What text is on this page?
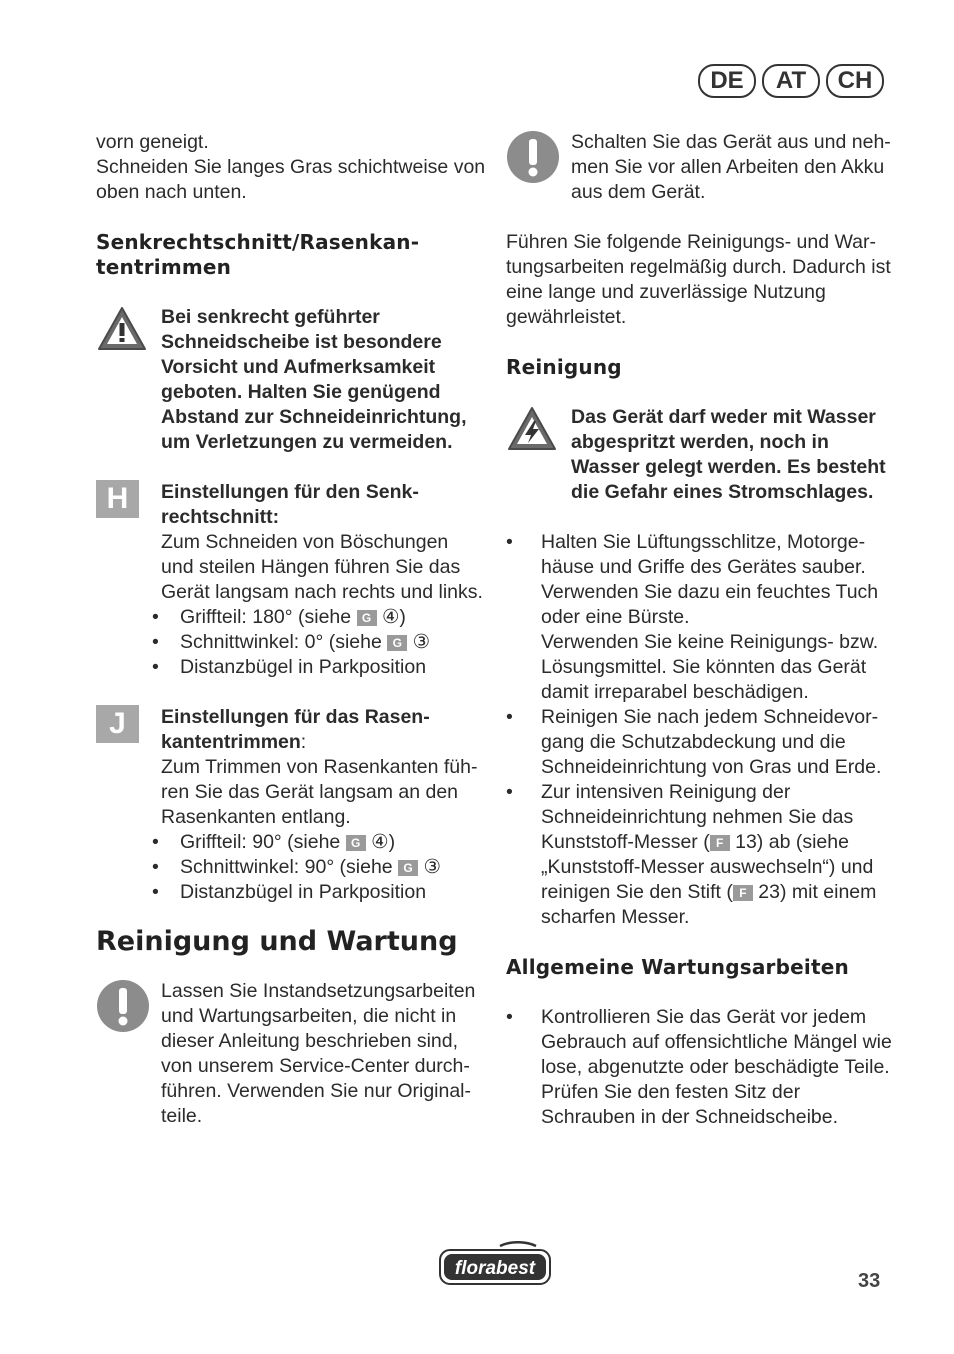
DE	AT	CH

vorn geneigt.

Schneiden Sie langes Gras schichtweise von oben nach unten.

Senkrechtschnitt/Rasenkantentrimmen

Bei senkrecht geführter Schneidscheibe ist besondere Vorsicht und Aufmerksamkeit geboten. Halten Sie genügend Abstand zur Schneideinrichtung, um Verletzungen zu vermeiden.

H	Einstellungen für den Senkrechtschnitt:

Zum Schneiden von Böschungen und steilen Hängen führen Sie das Gerät langsam nach rechts und links.

• Griffteil: 180° (siehe G ④)
• Schnittwinkel: 0° (siehe G ③
• Distanzbügel in Parkposition
J	Einstellungen für das Rasenkantentrimmen:

Zum Trimmen von Rasenkanten führen Sie das Gerät langsam an den Rasenkanten entlang.

• Griffteil: 90° (siehe G ④)
• Schnittwinkel: 90° (siehe G ③
• Distanzbügel in Parkposition
Reinigung und Wartung

Lassen Sie Instandsetzungsarbeiten und Wartungsarbeiten, die nicht in dieser Anleitung beschrieben sind, von unserem Service-Center durchführen. Verwenden Sie nur Originalteile.

Schalten Sie das Gerät aus und nehmen Sie vor allen Arbeiten den Akku aus dem Gerät.

Führen Sie folgende Reinigungs- und Wartungsarbeiten regelmäßig durch. Dadurch ist eine lange und zuverlässige Nutzung gewährleistet.

Reinigung

Das Gerät darf weder mit Wasser abgespritzt werden, noch in Wasser gelegt werden. Es besteht die Gefahr eines Stromschlages.

• Halten Sie Lüftungsschlitze, Motorgehäuse und Griffe des Gerätes sauber. Verwenden Sie dazu ein feuchtes Tuch oder eine Bürste.
Verwenden Sie keine Reinigungs- bzw. Lösungsmittel. Sie könnten das Gerät damit irreparabel beschädigen.
• Reinigen Sie nach jedem Schneidevorgang die Schutzabdeckung und die Schneideinrichtung von Gras und Erde.
• Zur intensiven Reinigung der Schneideinrichtung nehmen Sie das Kunststoff-Messer ( F 13) ab (siehe „Kunststoff-Messer auswechseln“) und reinigen Sie den Stift ( F 23) mit einem scharfen Messer.
Allgemeine Wartungsarbeiten
• Kontrollieren Sie das Gerät vor jedem Gebrauch auf offensichtliche Mängel wie lose, abgenutzte oder beschädigte Teile. Prüfen Sie den festen Sitz der Schrauben in der Schneidscheibe.
florabest
33
